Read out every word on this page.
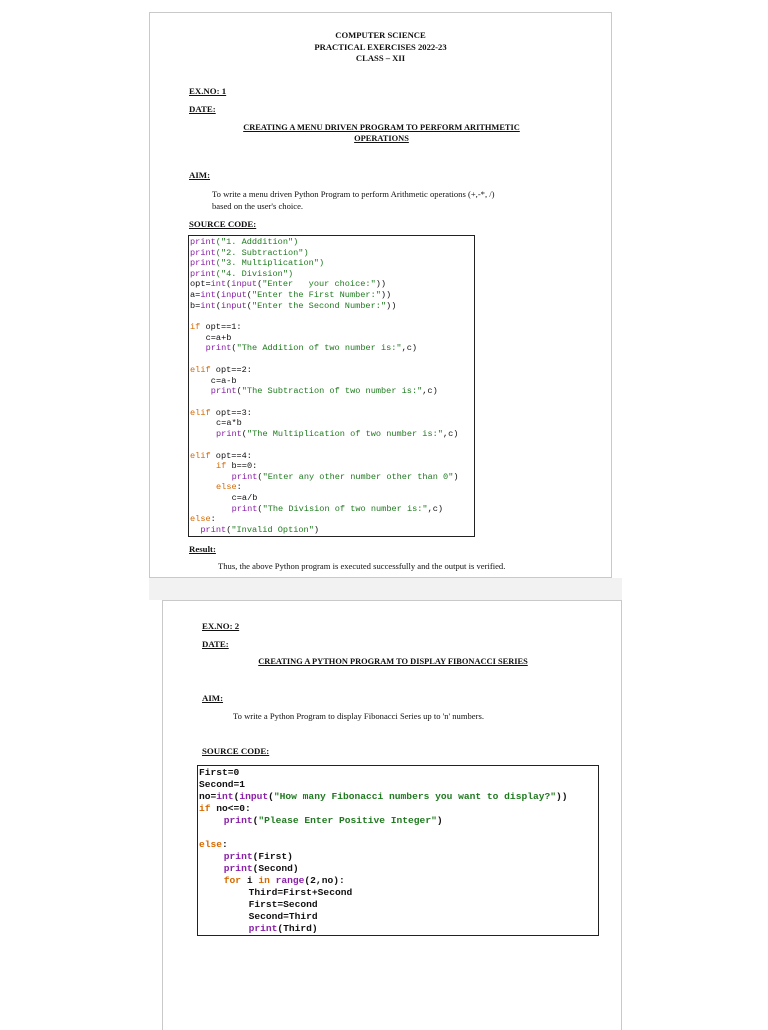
COMPUTER SCIENCE
PRACTICAL EXERCISES 2022-23
CLASS – XII
EX.NO: 1
DATE:
CREATING A MENU DRIVEN PROGRAM TO PERFORM ARITHMETIC
OPERATIONS
AIM:
To write a menu driven Python Program to perform Arithmetic operations (+,-*, /)
based on the user's choice.
SOURCE CODE:
print("1. Adddition")
print("2. Subtraction")
print("3. Multiplication")
print("4. Division")
opt=int(input("Enter   your choice:"))
a=int(input("Enter the First Number:"))
b=int(input("Enter the Second Number:"))
if opt==1:
c=a+b
print("The Addition of two number is:",c)
elif opt==2:
c=a-b
print("The Subtraction of two number is:",c)
elif opt==3:
c=a*b
print("The Multiplication of two number is:",c)
elif opt==4:
if b==0:
print("Enter any other number other than 0")
else:
c=a/b
print("The Division of two number is:",c)
else:
print("Invalid Option")
Result:
Thus, the above Python program is executed successfully and the output is verified.
EX.NO: 2
DATE:
CREATING A PYTHON PROGRAM TO DISPLAY FIBONACCI SERIES
AIM:
To write a Python Program to display Fibonacci Series up to 'n' numbers.
SOURCE CODE:
First=0
Second=1
no=int(input("How many Fibonacci numbers you want to display?"))
if no<=0:
print("Please Enter Positive Integer")
else:
print(First)
print(Second)
for i in range(2,no):
Third=First+Second
First=Second
Second=Third
print(Third)
